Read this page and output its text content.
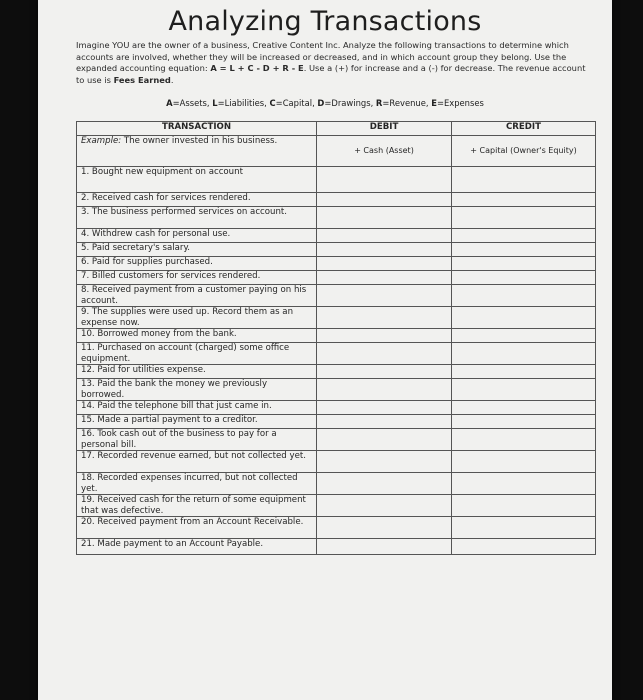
Analyzing Transactions
Imagine YOU are the owner of a business, Creative Content Inc. Analyze the following transactions to determine which accounts are involved, whether they will be increased or decreased, and in which account group they belong. Use the expanded accounting equation: A = L + C - D + R - E. Use a (+) for increase and a (-) for decrease. The revenue account to use is Fees Earned.
A=Assets, L=Liabilities, C=Capital, D=Drawings, R=Revenue, E=Expenses
TRANSACTION	DEBIT	CREDIT
Example: The owner invested in his business.	+ Cash (Asset)	+ Capital (Owner's Equity)
1. Bought new equipment on account		
2. Received cash for services rendered.		
3. The business performed services on account.		
4. Withdrew cash for personal use.		
5. Paid secretary's salary.		
6. Paid for supplies purchased.		
7. Billed customers for services rendered.		
8. Received payment from a customer paying on his account.		
9. The supplies were used up. Record them as an expense now.		
10. Borrowed money from the bank.		
11. Purchased on account (charged) some office equipment.		
12. Paid for utilities expense.		
13. Paid the bank the money we previously borrowed.		
14. Paid the telephone bill that just came in.		
15. Made a partial payment to a creditor.		
16. Took cash out of the business to pay for a personal bill.		
17. Recorded revenue earned, but not collected yet.		
18. Recorded expenses incurred, but not collected yet.		
19. Received cash for the return of some equipment that was defective.		
20. Received payment from an Account Receivable.		
21. Made payment to an Account Payable.		
